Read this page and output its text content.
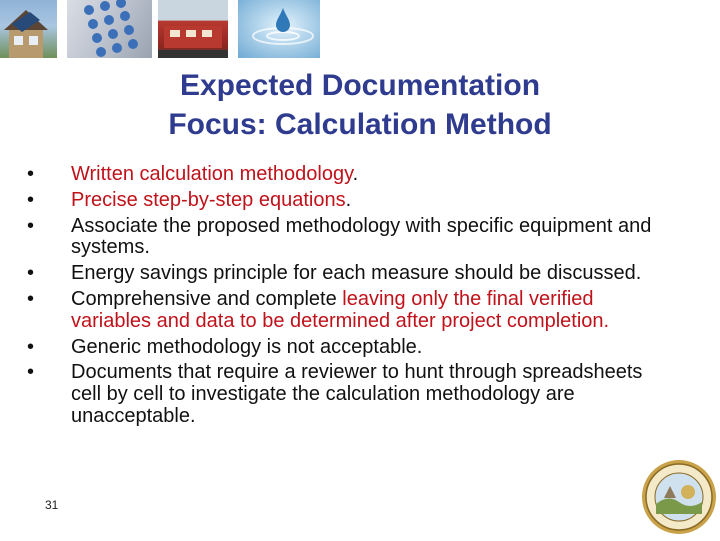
Expected Documentation
Focus: Calculation Method
• Written calculation methodology.
• Precise step-by-step equations.
• Associate the proposed methodology with specific equipment and systems.
• Energy savings principle for each measure should be discussed.
• Comprehensive and complete leaving only the final verified variables and data to be determined after project completion.
• Generic methodology is not acceptable.
• Documents that require a reviewer to hunt through spreadsheets cell by cell to investigate the calculation methodology are unacceptable.
31
